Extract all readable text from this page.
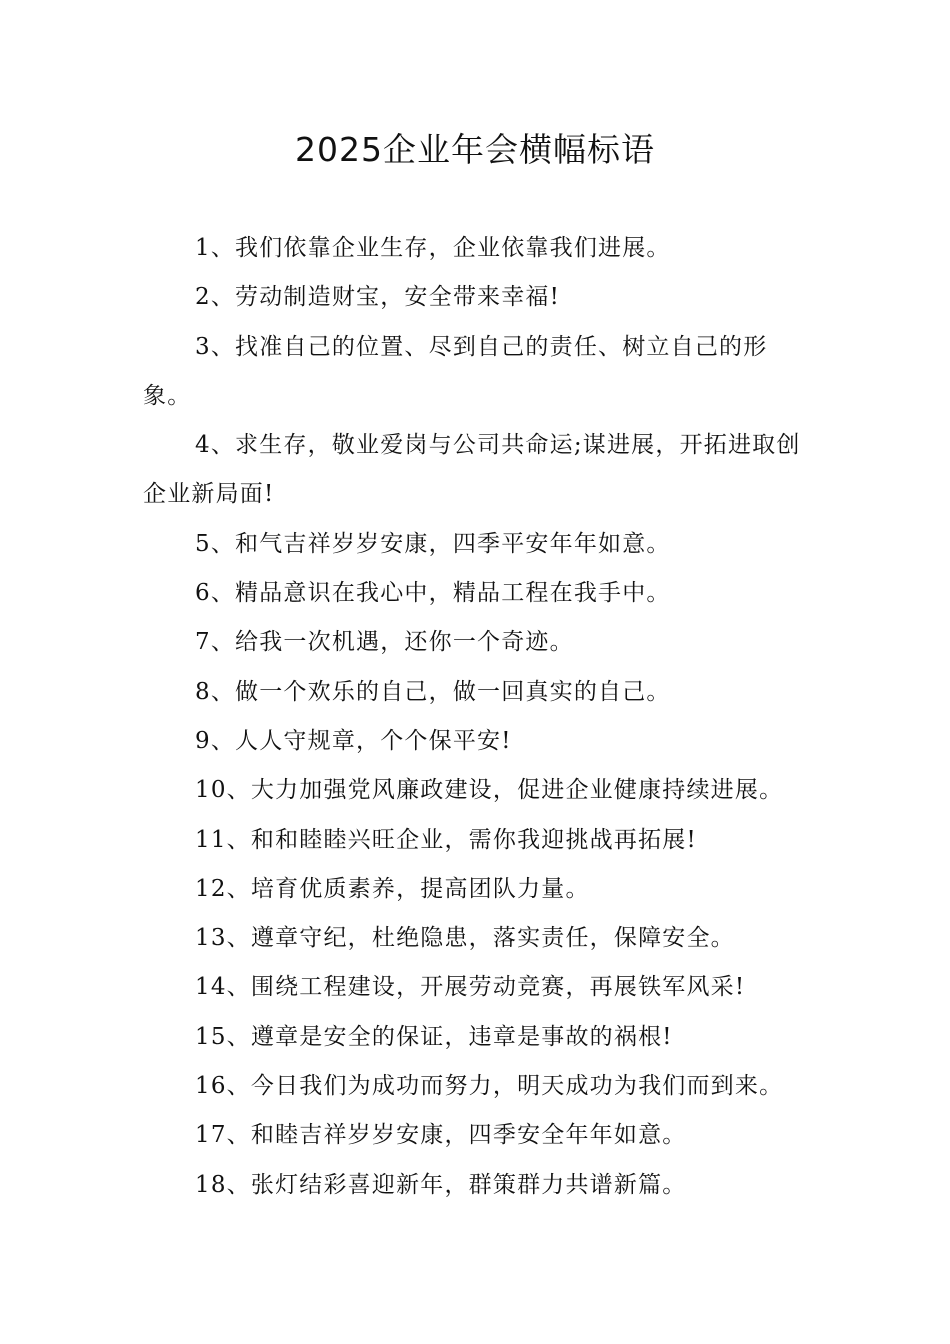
2025企业年会横幅标语

1、我们依靠企业生存，企业依靠我们进展。

2、劳动制造财宝，安全带来幸福!

3、找准自己的位置、尽到自己的责任、树立自己的形象。

4、求生存，敬业爱岗与公司共命运;谋进展，开拓进取创企业新局面!

5、和气吉祥岁岁安康，四季平安年年如意。

6、精品意识在我心中，精品工程在我手中。

7、给我一次机遇，还你一个奇迹。

8、做一个欢乐的自己，做一回真实的自己。

9、人人守规章，个个保平安!

10、大力加强党风廉政建设，促进企业健康持续进展。

11、和和睦睦兴旺企业，需你我迎挑战再拓展!

12、培育优质素养，提高团队力量。

13、遵章守纪，杜绝隐患，落实责任，保障安全。

14、围绕工程建设，开展劳动竞赛，再展铁军风采!

15、遵章是安全的保证，违章是事故的祸根!

16、今日我们为成功而努力，明天成功为我们而到来。

17、和睦吉祥岁岁安康，四季安全年年如意。

18、张灯结彩喜迎新年，群策群力共谱新篇。
